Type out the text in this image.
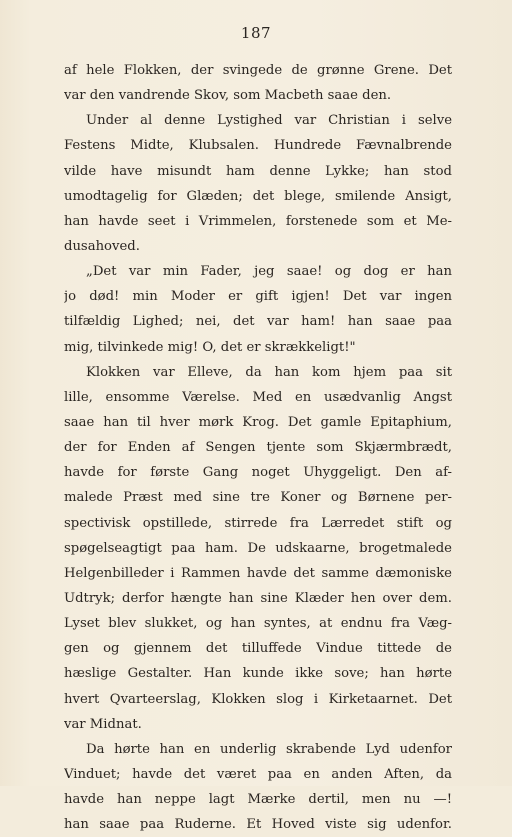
187
af hele Flokken, der svingede de grønne Grene. Det
var den vandrende Skov, som Macbeth saae den.
Under al denne Lystighed var Christian i selve
Festens Midte, Klubsalen. Hundrede Fævnalbrende
vilde have misundt ham denne Lykke; han stod
umodtagelig for Glæden; det blege, smilende Ansigt,
han havde seet i Vrimmelen, forstenede som et Me-
dusahoved.
„Det var min Fader, jeg saae! og dog er han
jo død! min Moder er gift igjen! Det var ingen
tilfældig Lighed; nei, det var ham! han saae paa
mig, tilvinkede mig! O, det er skrækkeligt!"
Klokken var Elleve, da han kom hjem paa sit
lille, ensomme Værelse. Med en usædvanlig Angst
saae han til hver mørk Krog. Det gamle Epitaphium,
der for Enden af Sengen tjente som Skjærmbrædt,
havde for første Gang noget Uhyggeligt. Den af-
malede Præst med sine tre Koner og Børnene per-
spectivisk opstillede, stirrede fra Lærredet stift og
spøgelseagtigt paa ham. De udskaarne, brogetmalede
Helgenbilleder i Rammen havde det samme dæmoniske
Udtryk; derfor hængte han sine Klæder hen over dem.
Lyset blev slukket, og han syntes, at endnu fra Væg-
gen og gjennem det tilluffede Vindue tittede de
hæslige Gestalter. Han kunde ikke sove; han hørte
hvert Qvarteerslag, Klokken slog i Kirketaarnet. Det
var Midnat.
Da hørte han en underlig skrabende Lyd udenfor
Vinduet; havde det været paa en anden Aften, da
havde han neppe lagt Mærke dertil, men nu —!
han saae paa Ruderne. Et Hoved viste sig udenfor.
